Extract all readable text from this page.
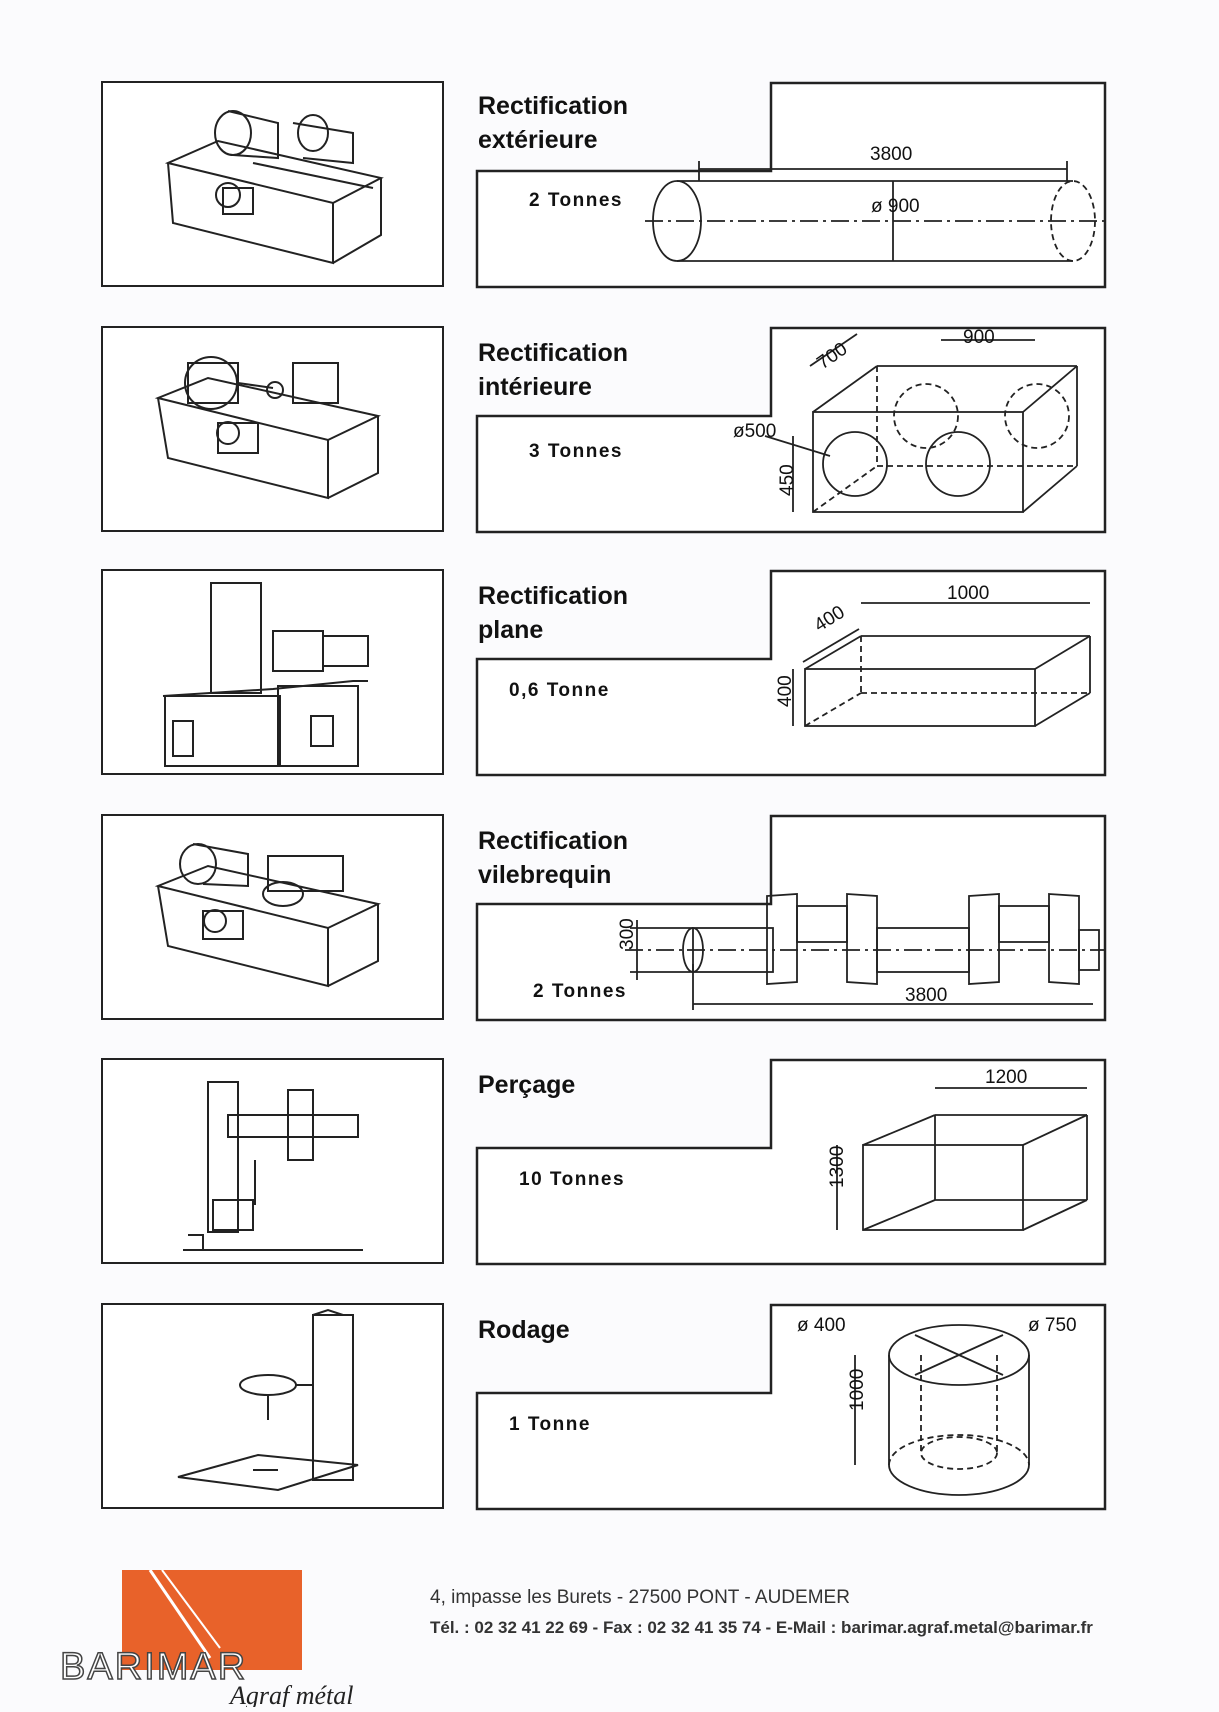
3800
ø 900
Rectification
extérieure
2 Tonnes
900
700
ø500
450
Rectification
intérieure
3 Tonnes
1000
400
400
Rectification
plane
0,6 Tonne
3800
300
Rectification
vilebrequin
2 Tonnes
1200
1300
Perçage
10 Tonnes
ø 400	ø 750
1000
Rodage
1 Tonne
BARIMAR
Agraf métal
4, impasse les Burets - 27500 PONT - AUDEMER
Tél. : 02 32 41 22 69 - Fax : 02 32 41 35 74 - E-Mail : barimar.agraf.metal@barimar.fr
